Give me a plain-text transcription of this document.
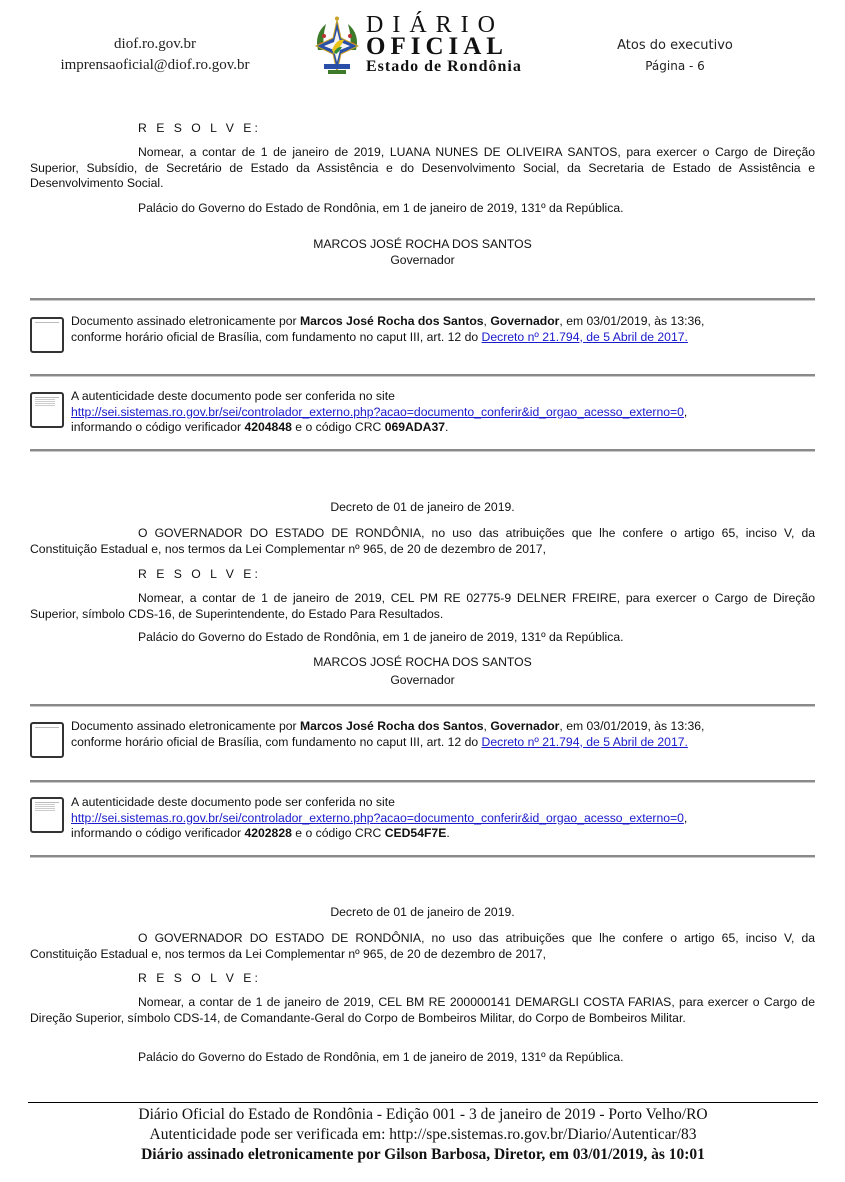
diof.ro.gov.br
imprensaoficial@diof.ro.gov.br
DIÁRIO
OFICIAL
Estado de Rondônia
Atos do executivo
Página - 6
R E S O L V E:
Nomear, a contar de 1 de janeiro de 2019, LUANA NUNES DE OLIVEIRA SANTOS, para exercer o Cargo de Direção Superior, Subsídio, de Secretário de Estado da Assistência e do Desenvolvimento Social, da Secretaria de Estado de Assistência e Desenvolvimento Social.
Palácio do Governo do Estado de Rondônia, em 1 de janeiro de 2019, 131º da República.
MARCOS JOSÉ ROCHA DOS SANTOS
Governador
Documento assinado eletronicamente por Marcos José Rocha dos Santos, Governador, em 03/01/2019, às 13:36,
conforme horário oficial de Brasília, com fundamento no caput III, art. 12 do Decreto nº 21.794, de 5 Abril de 2017.
A autenticidade deste documento pode ser conferida no site
http://sei.sistemas.ro.gov.br/sei/controlador_externo.php?acao=documento_conferir&id_orgao_acesso_externo=0,
informando o código verificador 4204848 e o código CRC 069ADA37.
Decreto de 01 de janeiro de 2019.
O GOVERNADOR DO ESTADO DE RONDÔNIA, no uso das atribuições que lhe confere o artigo 65, inciso V, da Constituição Estadual e, nos termos da Lei Complementar nº 965, de 20 de dezembro de 2017,
R E S O L V E:
Nomear, a contar de 1 de janeiro de 2019, CEL PM RE 02775-9 DELNER FREIRE, para exercer o Cargo de Direção Superior, símbolo CDS-16, de Superintendente, do Estado Para Resultados.
Palácio do Governo do Estado de Rondônia, em 1 de janeiro de 2019, 131º da República.
MARCOS JOSÉ ROCHA DOS SANTOS
Governador
Documento assinado eletronicamente por Marcos José Rocha dos Santos, Governador, em 03/01/2019, às 13:36,
conforme horário oficial de Brasília, com fundamento no caput III, art. 12 do Decreto nº 21.794, de 5 Abril de 2017.
A autenticidade deste documento pode ser conferida no site
http://sei.sistemas.ro.gov.br/sei/controlador_externo.php?acao=documento_conferir&id_orgao_acesso_externo=0,
informando o código verificador 4202828 e o código CRC CED54F7E.
Decreto de 01 de janeiro de 2019.
O GOVERNADOR DO ESTADO DE RONDÔNIA, no uso das atribuições que lhe confere o artigo 65, inciso V, da Constituição Estadual e, nos termos da Lei Complementar nº 965, de 20 de dezembro de 2017,
R E S O L V E:
Nomear, a contar de 1 de janeiro de 2019, CEL BM RE 200000141 DEMARGLI COSTA FARIAS, para exercer o Cargo de Direção Superior, símbolo CDS-14, de Comandante-Geral do Corpo de Bombeiros Militar, do Corpo de Bombeiros Militar.
Palácio do Governo do Estado de Rondônia, em 1 de janeiro de 2019, 131º da República.
Diário Oficial do Estado de Rondônia - Edição 001 - 3 de janeiro de 2019 - Porto Velho/RO
Autenticidade pode ser verificada em: http://spe.sistemas.ro.gov.br/Diario/Autenticar/83
Diário assinado eletronicamente por Gilson Barbosa, Diretor, em 03/01/2019, às 10:01
